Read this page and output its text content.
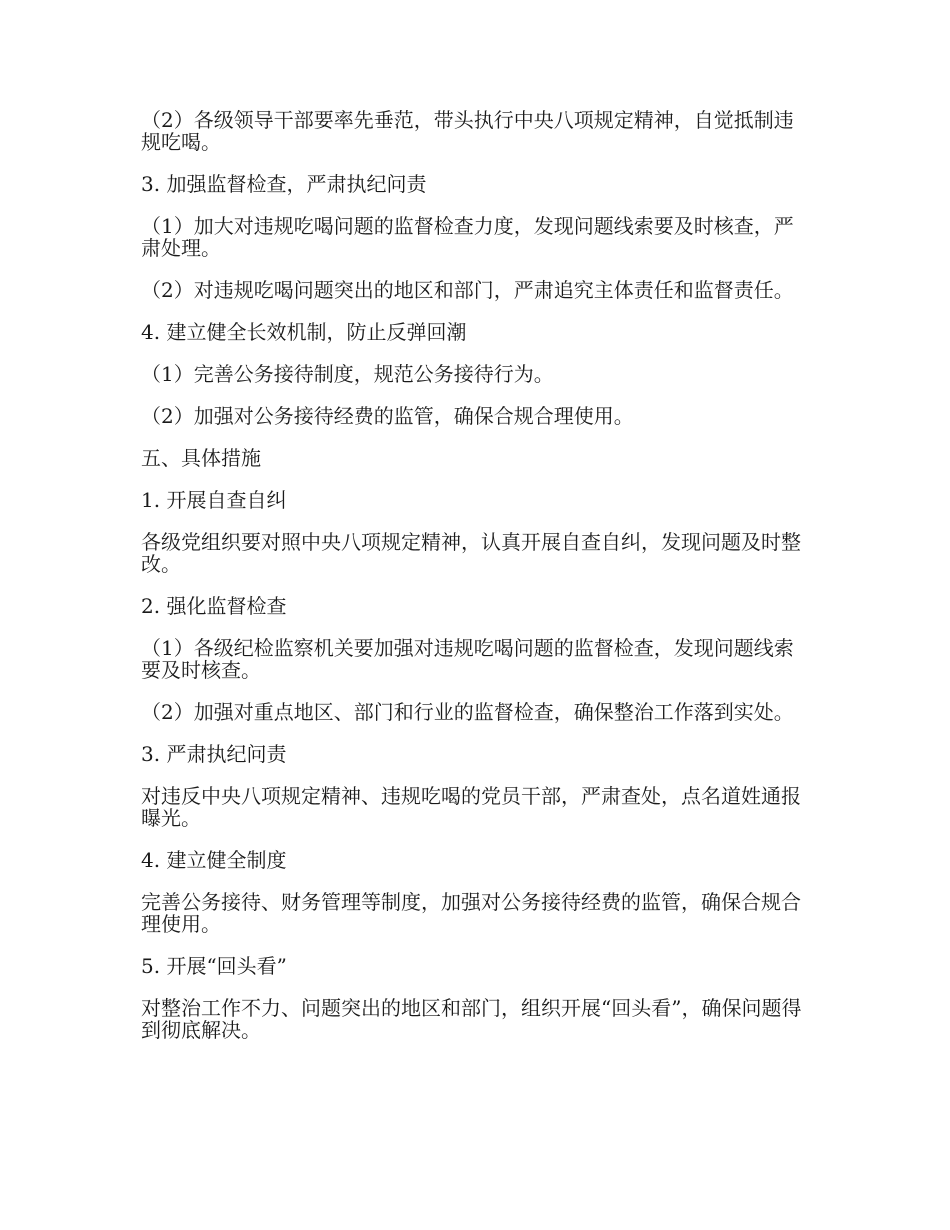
（2）各级领导干部要率先垂范，带头执行中央八项规定精神，自觉抵制违规吃喝。

3. 加强监督检查，严肃执纪问责

（1）加大对违规吃喝问题的监督检查力度，发现问题线索要及时核查，严肃处理。

（2）对违规吃喝问题突出的地区和部门，严肃追究主体责任和监督责任。

4. 建立健全长效机制，防止反弹回潮

（1）完善公务接待制度，规范公务接待行为。

（2）加强对公务接待经费的监管，确保合规合理使用。

五、具体措施

1. 开展自查自纠

各级党组织要对照中央八项规定精神，认真开展自查自纠，发现问题及时整改。

2. 强化监督检查

（1）各级纪检监察机关要加强对违规吃喝问题的监督检查，发现问题线索要及时核查。

（2）加强对重点地区、部门和行业的监督检查，确保整治工作落到实处。

3. 严肃执纪问责

对违反中央八项规定精神、违规吃喝的党员干部，严肃查处，点名道姓通报曝光。

4. 建立健全制度

完善公务接待、财务管理等制度，加强对公务接待经费的监管，确保合规合理使用。

5. 开展“回头看”

对整治工作不力、问题突出的地区和部门，组织开展“回头看”，确保问题得到彻底解决。
